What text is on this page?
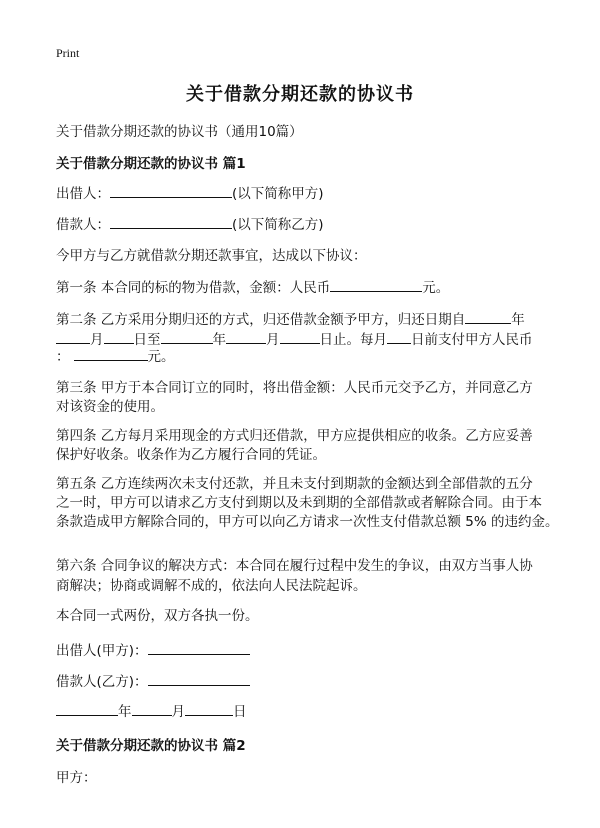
Print
关于借款分期还款的协议书
关于借款分期还款的协议书（通用10篇）
关于借款分期还款的协议书 篇1
出借人：	(以下简称甲方)
借款人：	(以下简称乙方)
今甲方与乙方就借款分期还款事宜，达成以下协议：
第一条 本合同的标的物为借款，金额：人民币	元。
第二条 乙方采用分期归还的方式，归还借款金额予甲方，归还日期自	年
月 日至	年	月	日止。每月 日前支付甲方人民币
：	元。
第三条 甲方于本合同订立的同时，将出借金额：人民币元交予乙方，并同意乙方
对该资金的使用。
第四条 乙方每月采用现金的方式归还借款，甲方应提供相应的收条。乙方应妥善
保护好收条。收条作为乙方履行合同的凭证。
第五条 乙方连续两次未支付还款，并且未支付到期款的金额达到全部借款的五分
之一时，甲方可以请求乙方支付到期以及未到期的全部借款或者解除合同。由于本
条款造成甲方解除合同的，甲方可以向乙方请求一次性支付借款总额 5% 的违约金。
第六条 合同争议的解决方式：本合同在履行过程中发生的争议，由双方当事人协
商解决；协商或调解不成的，依法向人民法院起诉。
本合同一式两份，双方各执一份。
出借人(甲方)：
借款人(乙方)：
年	月	日
关于借款分期还款的协议书 篇2
甲方：
